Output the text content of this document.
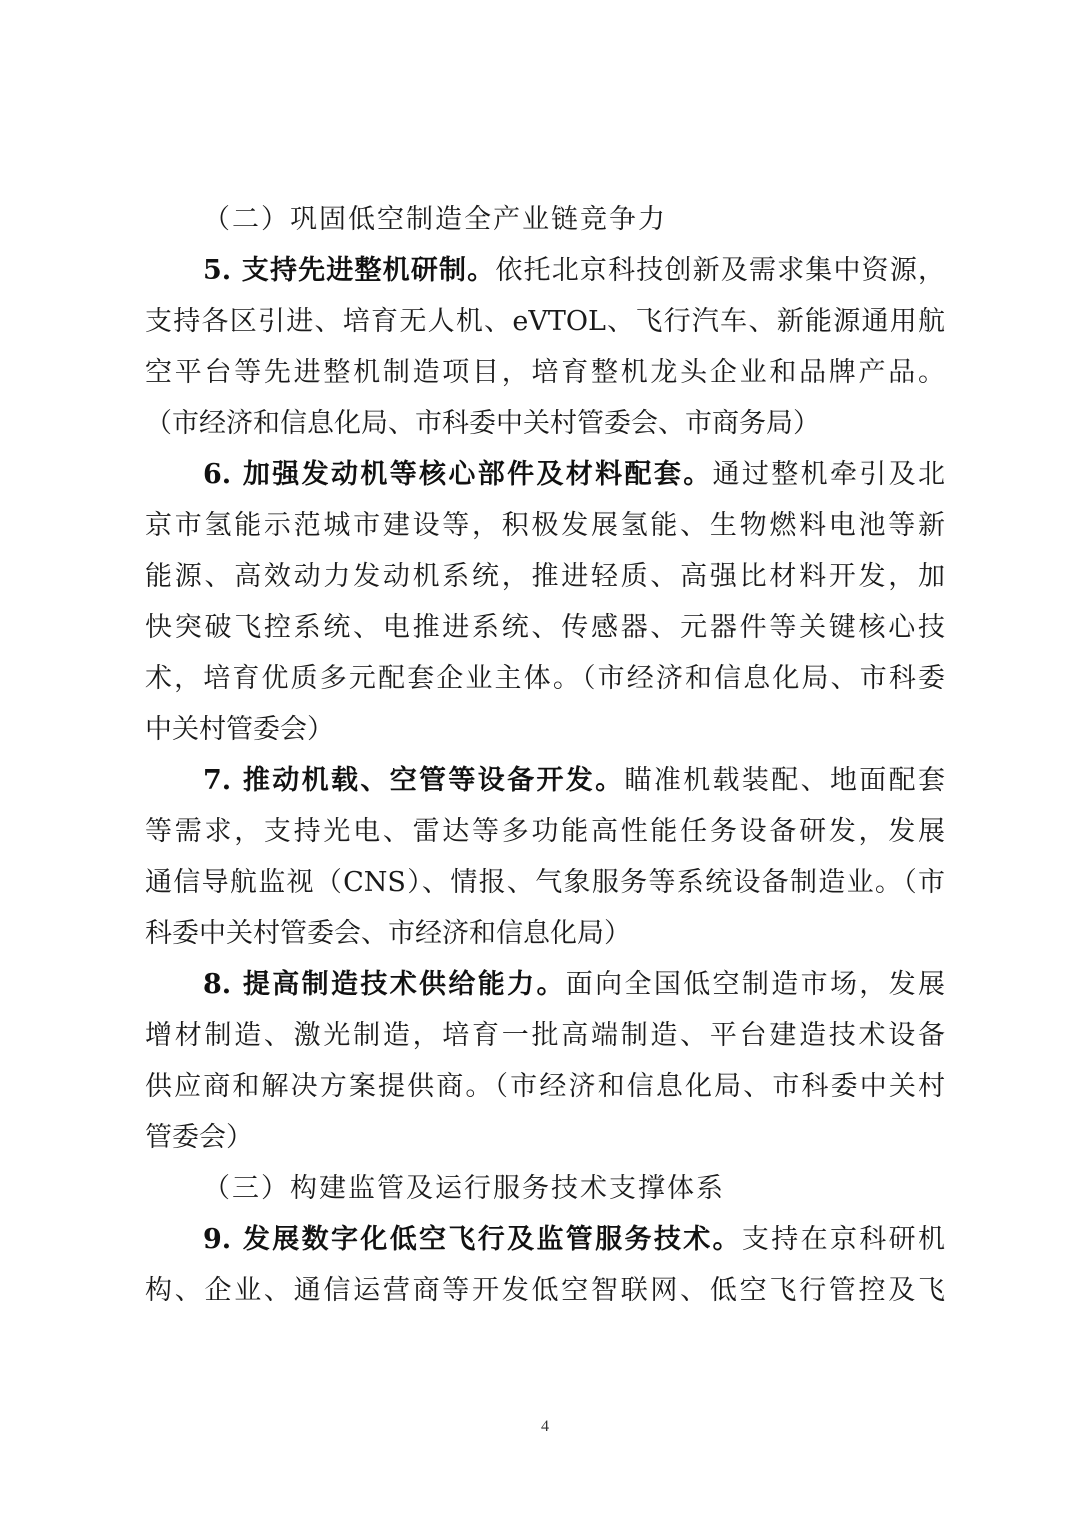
（二）巩固低空制造全产业链竞争力
5. 支持先进整机研制。依托北京科技创新及需求集中资源，
支持各区引进、培育无人机、eVTOL、飞行汽车、新能源通用航
空平台等先进整机制造项目，培育整机龙头企业和品牌产品。
（市经济和信息化局、市科委中关村管委会、市商务局）
6. 加强发动机等核心部件及材料配套。通过整机牵引及北
京市氢能示范城市建设等，积极发展氢能、生物燃料电池等新
能源、高效动力发动机系统，推进轻质、高强比材料开发，加
快突破飞控系统、电推进系统、传感器、元器件等关键核心技
术，培育优质多元配套企业主体。（市经济和信息化局、市科委
中关村管委会）
7. 推动机载、空管等设备开发。瞄准机载装配、地面配套
等需求，支持光电、雷达等多功能高性能任务设备研发，发展
通信导航监视（CNS）、情报、气象服务等系统设备制造业。（市
科委中关村管委会、市经济和信息化局）
8. 提高制造技术供给能力。面向全国低空制造市场，发展
增材制造、激光制造，培育一批高端制造、平台建造技术设备
供应商和解决方案提供商。（市经济和信息化局、市科委中关村
管委会）
（三）构建监管及运行服务技术支撑体系
9. 发展数字化低空飞行及监管服务技术。支持在京科研机
构、企业、通信运营商等开发低空智联网、低空飞行管控及飞
4
